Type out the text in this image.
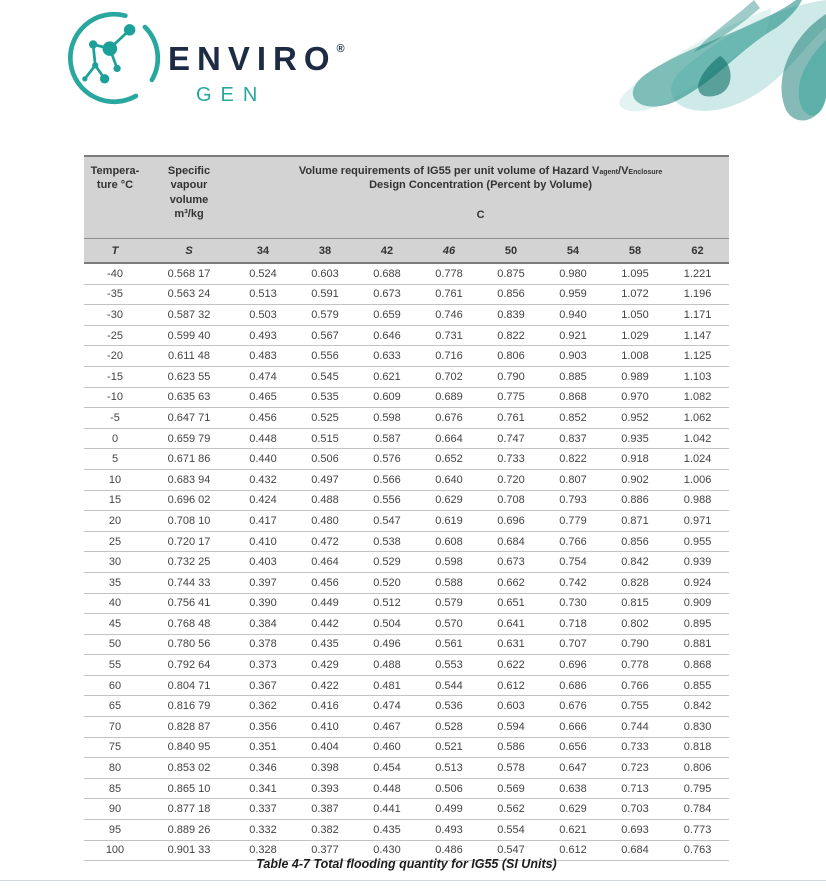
ENVIRO®
GEN
Tempera-
ture °C

Specific
vapour
volume
m³/kg

Volume requirements of IG55 per unit volume of Hazard Vagent/VEnclosure
Design Concentration (Percent by Volume)
C

T	S	34	38	42	46	50	54	58	62
-40	0.568 17	0.524	0.603	0.688	0.778	0.875	0.980	1.095	1.221
-35	0.563 24	0.513	0.591	0.673	0.761	0.856	0.959	1.072	1.196
-30	0.587 32	0.503	0.579	0.659	0.746	0.839	0.940	1.050	1.171
-25	0.599 40	0.493	0.567	0.646	0.731	0.822	0.921	1.029	1.147
-20	0.611 48	0.483	0.556	0.633	0.716	0.806	0.903	1.008	1.125
-15	0.623 55	0.474	0.545	0.621	0.702	0.790	0.885	0.989	1.103
-10	0.635 63	0.465	0.535	0.609	0.689	0.775	0.868	0.970	1.082
-5	0.647 71	0.456	0.525	0.598	0.676	0.761	0.852	0.952	1.062
0	0.659 79	0.448	0.515	0.587	0.664	0.747	0.837	0.935	1.042
5	0.671 86	0.440	0.506	0.576	0.652	0.733	0.822	0.918	1.024
10	0.683 94	0.432	0.497	0.566	0.640	0.720	0.807	0.902	1.006
15	0.696 02	0.424	0.488	0.556	0.629	0.708	0.793	0.886	0.988
20	0.708 10	0.417	0.480	0.547	0.619	0.696	0.779	0.871	0.971
25	0.720 17	0.410	0.472	0.538	0.608	0.684	0.766	0.856	0.955
30	0.732 25	0.403	0.464	0.529	0.598	0.673	0.754	0.842	0.939
35	0.744 33	0.397	0.456	0.520	0.588	0.662	0.742	0.828	0.924
40	0.756 41	0.390	0.449	0.512	0.579	0.651	0.730	0.815	0.909
45	0.768 48	0.384	0.442	0.504	0.570	0.641	0.718	0.802	0.895
50	0.780 56	0.378	0.435	0.496	0.561	0.631	0.707	0.790	0.881
55	0.792 64	0.373	0.429	0.488	0.553	0.622	0.696	0.778	0.868
60	0.804 71	0.367	0.422	0.481	0.544	0.612	0.686	0.766	0.855
65	0.816 79	0.362	0.416	0.474	0.536	0.603	0.676	0.755	0.842
70	0.828 87	0.356	0.410	0.467	0.528	0.594	0.666	0.744	0.830
75	0.840 95	0.351	0.404	0.460	0.521	0.586	0.656	0.733	0.818
80	0.853 02	0.346	0.398	0.454	0.513	0.578	0.647	0.723	0.806
85	0.865 10	0.341	0.393	0.448	0.506	0.569	0.638	0.713	0.795
90	0.877 18	0.337	0.387	0.441	0.499	0.562	0.629	0.703	0.784
95	0.889 26	0.332	0.382	0.435	0.493	0.554	0.621	0.693	0.773
100	0.901 33	0.328	0.377	0.430	0.486	0.547	0.612	0.684	0.763
Table 4-7 Total flooding quantity for IG55 (SI Units)
